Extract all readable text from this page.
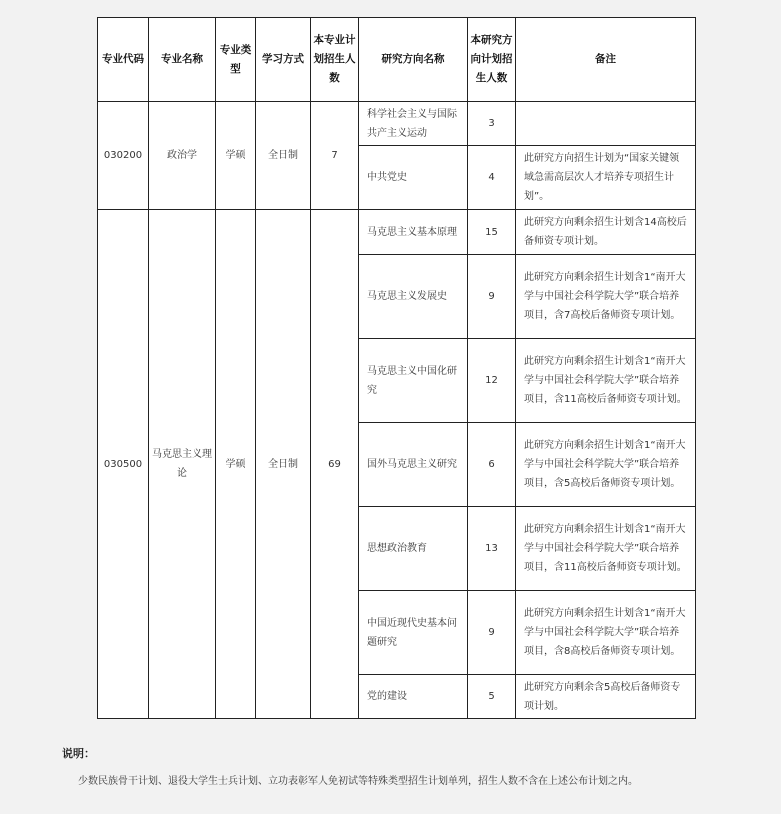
专业代码	专业名称	专业类型	学习方式	本专业计划招生人数	研究方向名称	本研究方向计划招生人数	备注
030200	政治学	学硕	全日制	7	科学社会主义与国际共产主义运动	3	
					中共党史	4	此研究方向招生计划为“国家关键领域急需高层次人才培养专项招生计划”。
030500	马克思主义理论	学硕	全日制	69	马克思主义基本原理	15	此研究方向剩余招生计划含14高校后备师资专项计划。
					马克思主义发展史	9	此研究方向剩余招生计划含1“南开大学与中国社会科学院大学”联合培养项目，含7高校后备师资专项计划。
					马克思主义中国化研究	12	此研究方向剩余招生计划含1“南开大学与中国社会科学院大学”联合培养项目，含11高校后备师资专项计划。
					国外马克思主义研究	6	此研究方向剩余招生计划含1“南开大学与中国社会科学院大学”联合培养项目，含5高校后备师资专项计划。
					思想政治教育	13	此研究方向剩余招生计划含1“南开大学与中国社会科学院大学”联合培养项目，含11高校后备师资专项计划。
					中国近现代史基本问题研究	9	此研究方向剩余招生计划含1“南开大学与中国社会科学院大学”联合培养项目，含8高校后备师资专项计划。
					党的建设	5	此研究方向剩余含5高校后备师资专项计划。
说明：
少数民族骨干计划、退役大学生士兵计划、立功表彰军人免初试等特殊类型招生计划单列，招生人数不含在上述公布计划之内。
